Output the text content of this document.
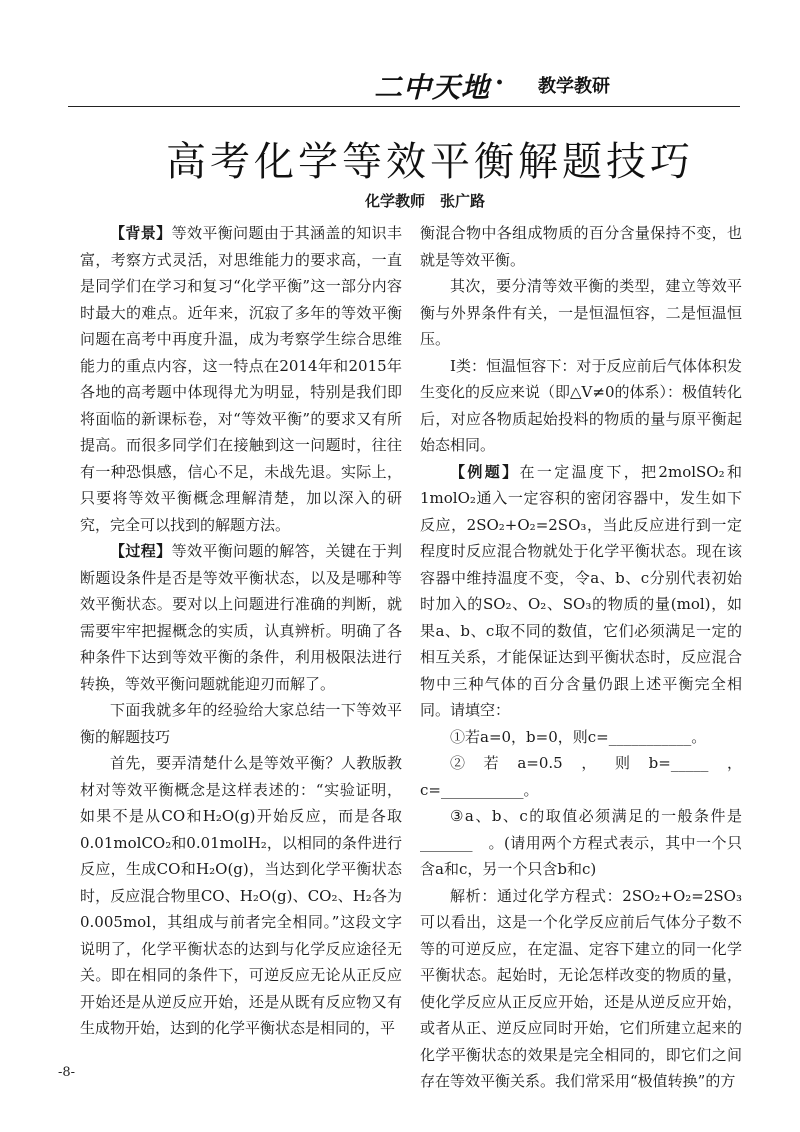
二中天地 · 教学教研
高考化学等效平衡解题技巧
化学教师　张广路

【背景】等效平衡问题由于其涵盖的知识丰富，考察方式灵活，对思维能力的要求高，一直是同学们在学习和复习“化学平衡”这一部分内容时最大的难点。近年来，沉寂了多年的等效平衡问题在高考中再度升温，成为考察学生综合思维能力的重点内容，这一特点在2014年和2015年各地的高考题中体现得尤为明显，特别是我们即将面临的新课标卷，对“等效平衡”的要求又有所提高。而很多同学们在接触到这一问题时，往往有一种恐惧感，信心不足，未战先退。实际上，只要将等效平衡概念理解清楚，加以深入的研究，完全可以找到的解题方法。

【过程】等效平衡问题的解答，关键在于判断题设条件是否是等效平衡状态，以及是哪种等效平衡状态。要对以上问题进行准确的判断，就需要牢牢把握概念的实质，认真辨析。明确了各种条件下达到等效平衡的条件，利用极限法进行转换，等效平衡问题就能迎刃而解了。

下面我就多年的经验给大家总结一下等效平衡的解题技巧

首先，要弄清楚什么是等效平衡？人教版教材对等效平衡概念是这样表述的：“实验证明，如果不是从CO和H₂O(g)开始反应，而是各取0.01molCO₂和0.01molH₂，以相同的条件进行反应，生成CO和H₂O(g)，当达到化学平衡状态时，反应混合物里CO、H₂O(g)、CO₂、H₂各为0.005mol，其组成与前者完全相同。”这段文字说明了，化学平衡状态的达到与化学反应途径无关。即在相同的条件下，可逆反应无论从正反应开始还是从逆反应开始，还是从既有反应物又有生成物开始，达到的化学平衡状态是相同的，平

衡混合物中各组成物质的百分含量保持不变，也就是等效平衡。

其次，要分清等效平衡的类型，建立等效平衡与外界条件有关，一是恒温恒容，二是恒温恒压。

I类：恒温恒容下：对于反应前后气体体积发生变化的反应来说（即△V≠0的体系）：极值转化后，对应各物质起始投料的物质的量与原平衡起始态相同。

【例题】在一定温度下，把2molSO₂和1molO₂通入一定容积的密闭容器中，发生如下反应，2SO₂+O₂=2SO₃，当此反应进行到一定程度时反应混合物就处于化学平衡状态。现在该容器中维持温度不变，令a、b、c分别代表初始时加入的SO₂、O₂、SO₃的物质的量(mol)，如果a、b、c取不同的数值，它们必须满足一定的相互关系，才能保证达到平衡状态时，反应混合物中三种气体的百分含量仍跟上述平衡完全相同。请填空：

①若a=0，b=0，则c=___________。

②若a=0.5，则b=_____，c=___________。

③a、b、c的取值必须满足的一般条件是_______　。(请用两个方程式表示，其中一个只含a和c，另一个只含b和c)

解析：通过化学方程式：2SO₂+O₂=2SO₃可以看出，这是一个化学反应前后气体分子数不等的可逆反应，在定温、定容下建立的同一化学平衡状态。起始时，无论怎样改变的物质的量，使化学反应从正反应开始，还是从逆反应开始，或者从正、逆反应同时开始，它们所建立起来的化学平衡状态的效果是完全相同的，即它们之间存在等效平衡关系。我们常采用“极值转换”的方

-8-
